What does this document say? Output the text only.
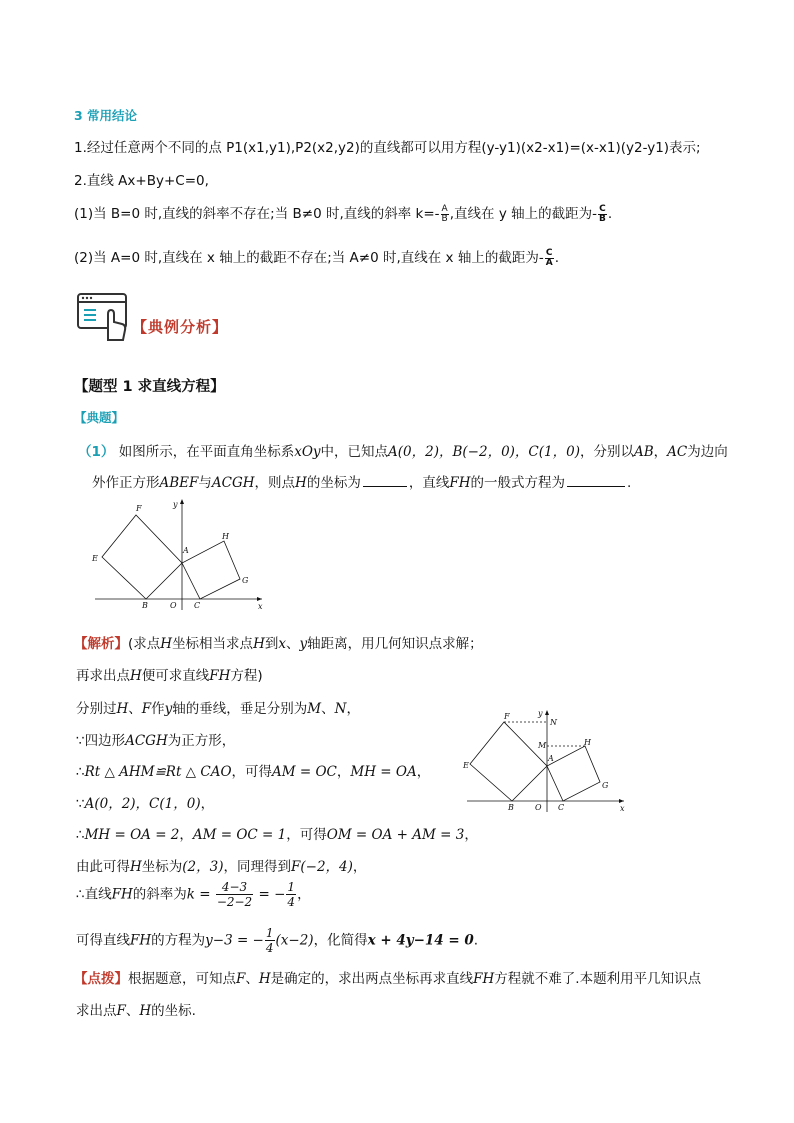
3 常用结论
1.经过任意两个不同的点 P1(x1,y1),P2(x2,y2)的直线都可以用方程(y-y1)(x2-x1)=(x-x1)(y2-y1)表示;
2.直线 Ax+By+C=0,
(1)当 B=0 时,直线的斜率不存在;当 B≠0 时,直线的斜率 $k=- \frac{A}{B}$ ,直线在 y 轴上的截距为- $\frac{C}{B}$ .
(2)当 A=0 时,直线在 x 轴上的截距不存在;当 A≠0 时,直线在 x 轴上的截距为- $\frac{C}{A}$ .
【典例分析】
【题型 1 求直线方程】
【典题】
（1） 如图所示，在平面直角坐标系xOy中，已知点A(0，2)，B(−2，0)，C(1，0)，分别以AB，AC为边向
外作正方形ABEF与ACGH，则点H的坐标为	，直线FH的一般式方程为	.
F
E
A
H
G
B	O C	x
y
【解析】(求点H坐标相当求点H到x、y轴距离，用几何知识点求解；
再求出点H便可求直线FH方程)
分别过H、F作y轴的垂线，垂足分别为M、N，
∵四边形ACGH为正方形，
∴Rt △ AHM≌Rt △ CAO，可得AM = OC，MH = OA，
∵A(0，2)，C(1，0)，
∴MH = OA = 2，AM = OC = 1，可得OM = OA + AM = 3，
由此可得H坐标为(2，3)，同理得到F(−2，4)，
∴直线FH的斜率为$k = \frac{4-3}{-2-2}$ = − $\frac{1}{4}$ ，
可得直线FH的方程为y−3 = − $\frac{1}{4} (x-2)$，化简得x + 4y−14 = 0.
F
E
A
M
N
H
G
B	O C	x
y
【点拨】根据题意，可知点F、H是确定的，求出两点坐标再求直线FH方程就不难了.本题利用平几知识点
求出点F、H的坐标.
